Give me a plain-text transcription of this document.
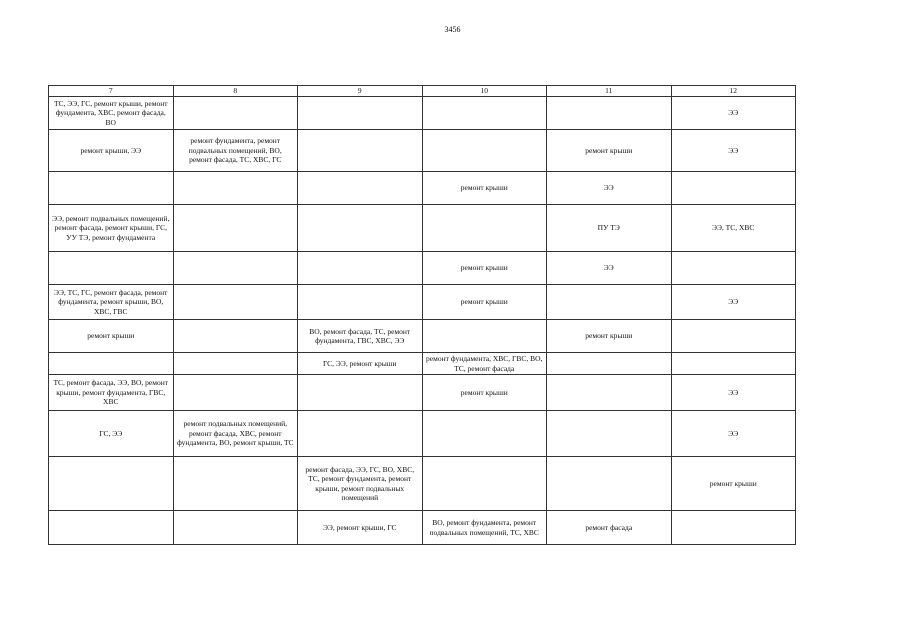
3456
7	8	9	10	11	12
ТС, ЭЭ, ГС, ремонт крыши, ремонт фундамента, ХВС, ремонт фасада, ВО					ЭЭ
ремонт крыши, ЭЭ	ремонт фундамента, ремонт подвальных помещений, ВО, ремонт фасада, ТС, ХВС, ГС			ремонт крыши	ЭЭ
			ремонт крыши	ЭЭ	
ЭЭ, ремонт подвальных помещений, ремонт фасада, ремонт крыши, ГС, УУ ТЭ, ремонт фундамента				ПУ ТЭ	ЭЭ, ТС, ХВС
			ремонт крыши	ЭЭ	
ЭЭ, ТС, ГС, ремонт фасада, ремонт фундамента, ремонт крыши, ВО, ХВС, ГВС			ремонт крыши		ЭЭ
ремонт крыши		ВО, ремонт фасада, ТС, ремонт фундамента, ГВС, ХВС, ЭЭ		ремонт крыши	
		ГС, ЭЭ, ремонт крыши	ремонт фундамента, ХВС, ГВС, ВО, ТС, ремонт фасада		
ТС, ремонт фасада, ЭЭ, ВО, ремонт крыши, ремонт фундамента, ГВС, ХВС			ремонт крыши		ЭЭ
ГС, ЭЭ	ремонт подвальных помещений, ремонт фасада, ХВС, ремонт фундамента, ВО, ремонт крыши, ТС				ЭЭ
		ремонт фасада, ЭЭ, ГС, ВО, ХВС, ТС, ремонт фундамента, ремонт крыши, ремонт подвальных помещений			ремонт крыши
		ЭЭ, ремонт крыши, ГС	ВО, ремонт фундамента, ремонт подвальных помещений, ТС, ХВС	ремонт фасада	
